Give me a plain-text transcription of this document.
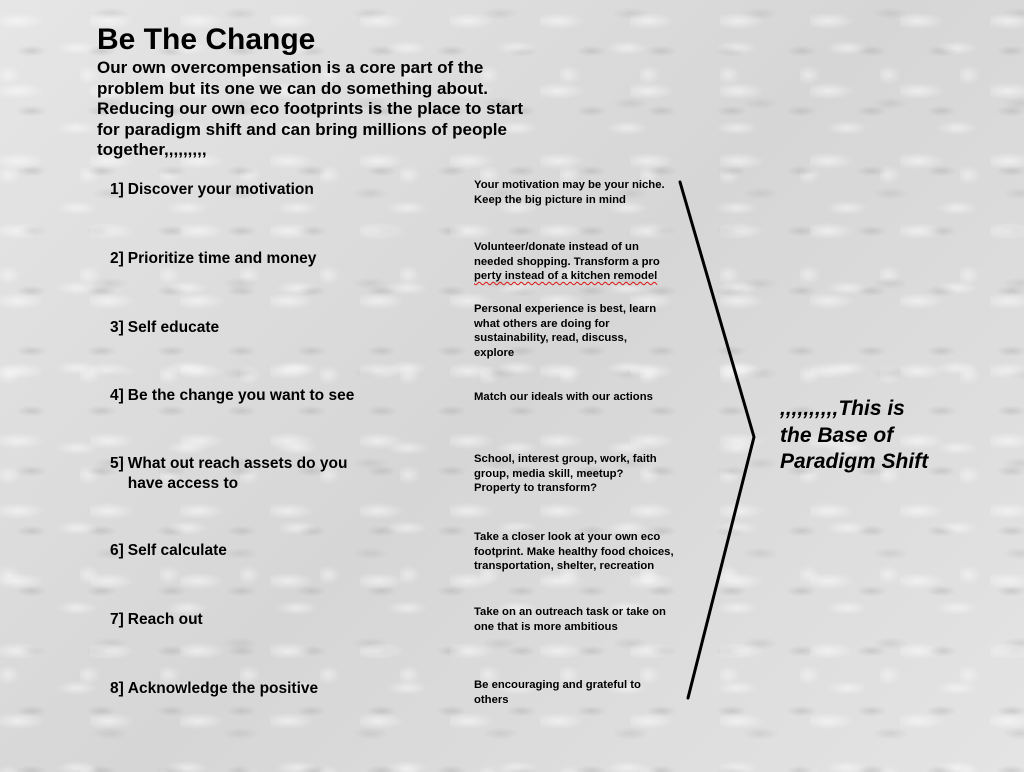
Be The Change

Our own overcompensation is a core part of the problem but its one we can do something about. Reducing our own eco footprints is the place to start for paradigm shift and can bring millions of people together,,,,,,,,,

1] Discover your motivation
2] Prioritize time and money
3] Self educate
4] Be the change you want to see
5] What out reach assets do you have access to
6] Self calculate
7] Reach out
8] Acknowledge the positive
Your motivation may be your niche.
Keep the big picture in mind
Volunteer/donate instead of un
needed shopping. Transform a pro
perty instead of a kitchen remodel
Personal experience is best, learn
what others are doing for
sustainability, read, discuss,
explore
Match our ideals with our actions
School, interest group, work, faith
group, media skill, meetup?
Property to transform?
Take a closer look at your own eco
footprint. Make healthy food choices,
transportation, shelter, recreation
Take on an outreach task or take on
one that is more ambitious
Be encouraging and grateful to
others
,,,,,,,,,,This is
the Base of
Paradigm Shift
